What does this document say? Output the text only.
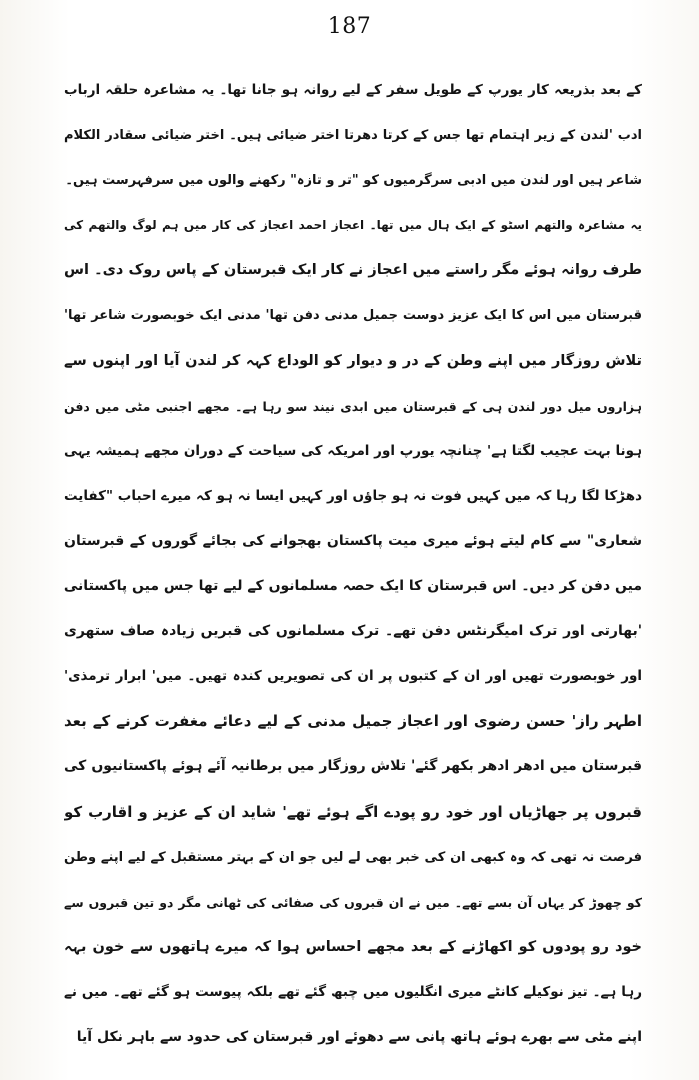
187
کے بعد بذریعہ کار یورپ کے طویل سفر کے لیے روانہ ہو جانا تھا۔ یہ مشاعرہ حلقہ ارباب
ادب 'لندن کے زیر اہتمام تھا جس کے کرتا دھرتا اختر ضیائی ہیں۔ اختر ضیائی سقادر الکلام
شاعر ہیں اور لندن میں ادبی سرگرمیوں کو "تر و تازہ" رکھنے والوں میں سرفہرست ہیں۔
یہ مشاعرہ والتھم اسٹو کے ایک ہال میں تھا۔ اعجاز احمد اعجاز کی کار میں ہم لوگ والتھم کی
طرف روانہ ہوئے مگر راستے میں اعجاز نے کار ایک قبرستان کے پاس روک دی۔ اس
قبرستان میں اس کا ایک عزیز دوست جمیل مدنی دفن تھا' مدنی ایک خوبصورت شاعر تھا'
تلاش روزگار میں اپنے وطن کے در و دیوار کو الوداع کہہ کر لندن آیا اور اپنوں سے
ہزاروں میل دور لندن ہی کے قبرستان میں ابدی نیند سو رہا ہے۔ مجھے اجنبی مٹی میں دفن
ہونا بہت عجیب لگتا ہے' چنانچہ یورپ اور امریکہ کی سیاحت کے دوران مجھے ہمیشہ یہی
دھڑکا لگا رہا کہ میں کہیں فوت نہ ہو جاؤں اور کہیں ایسا نہ ہو کہ میرے احباب "کفایت
شعاری" سے کام لیتے ہوئے میری میت پاکستان بھجوانے کی بجائے گوروں کے قبرستان
میں دفن کر دیں۔ اس قبرستان کا ایک حصہ مسلمانوں کے لیے تھا جس میں پاکستانی
'بھارتی اور ترک امیگرنٹس دفن تھے۔ ترک مسلمانوں کی قبریں زیادہ صاف ستھری
اور خوبصورت تھیں اور ان کے کتبوں پر ان کی تصویریں کندہ تھیں۔ میں' ابرار ترمذی'
اطہر راز' حسن رضوی اور اعجاز جمیل مدنی کے لیے دعائے مغفرت کرنے کے بعد
قبرستان میں ادھر ادھر بکھر گئے' تلاش روزگار میں برطانیہ آئے ہوئے پاکستانیوں کی
قبروں پر جھاڑیاں اور خود رو پودے اگے ہوئے تھے' شاید ان کے عزیز و اقارب کو
فرصت نہ تھی کہ وہ کبھی ان کی خبر بھی لے لیں جو ان کے بہتر مستقبل کے لیے اپنے وطن
کو چھوڑ کر یہاں آن بسے تھے۔ میں نے ان قبروں کی صفائی کی ٹھانی مگر دو تین قبروں سے
خود رو پودوں کو اکھاڑنے کے بعد مجھے احساس ہوا کہ میرے ہاتھوں سے خون بہہ
رہا ہے۔ تیز نوکیلے کانٹے میری انگلیوں میں چبھ گئے تھے بلکہ پیوست ہو گئے تھے۔ میں نے
اپنے مٹی سے بھرے ہوئے ہاتھ پانی سے دھوئے اور قبرستان کی حدود سے باہر نکل آیا
